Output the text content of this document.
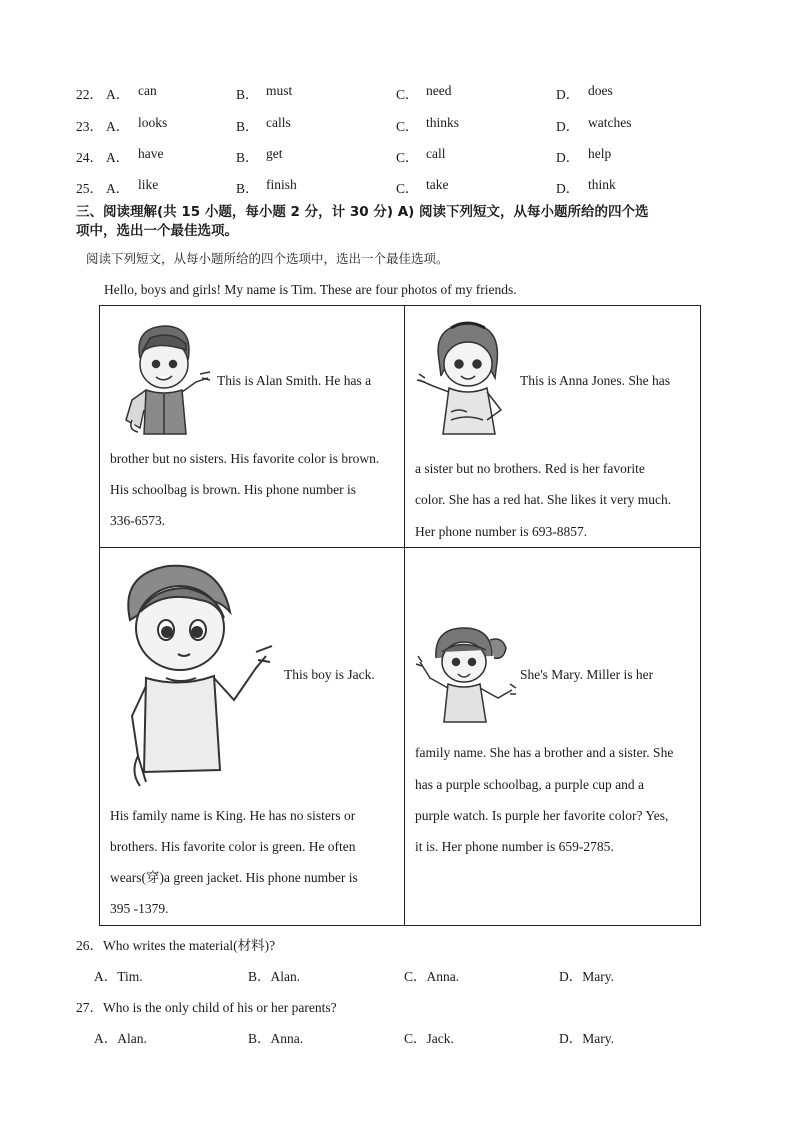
22． A． can	B． must	C． need	D． does
23． A． looks	B． calls	C． thinks	D． watches
24． A． have	B． get	C． call	D． help
25． A． like	B． finish	C． take	D． think
三、阅读理解(共 15 小题，每小题 2 分，计 30 分) A) 阅读下列短文，从每小题所给的四个选
项中，选出一个最佳选项。
阅读下列短文，从每小题所给的四个选项中，选出一个最佳选项。
Hello, boys and girls! My name is Tim. These are four photos of my friends.
This is Alan Smith. He has a
brother but no sisters. His favorite color is brown.
His schoolbag is brown. His phone number is
336-6573.
This is Anna Jones. She has
a sister but no brothers. Red is her favorite
color. She has a red hat. She likes it very much.
Her phone number is 693-8857.
This boy is Jack.
His family name is King. He has no sisters or
brothers. His favorite color is green. He often
wears(穿)a green jacket. His phone number is
395 -1379.
She's Mary. Miller is her
family name. She has a brother and a sister. She
has a purple schoolbag, a purple cup and a
purple watch. Is purple her favorite color? Yes,
it is. Her phone number is 659-2785.
26．Who writes the material(材料)?
A．Tim.	B．Alan.	C．Anna.	D．Mary.
27．Who is the only child of his or her parents?
A．Alan.	B．Anna.	C．Jack.	D．Mary.
